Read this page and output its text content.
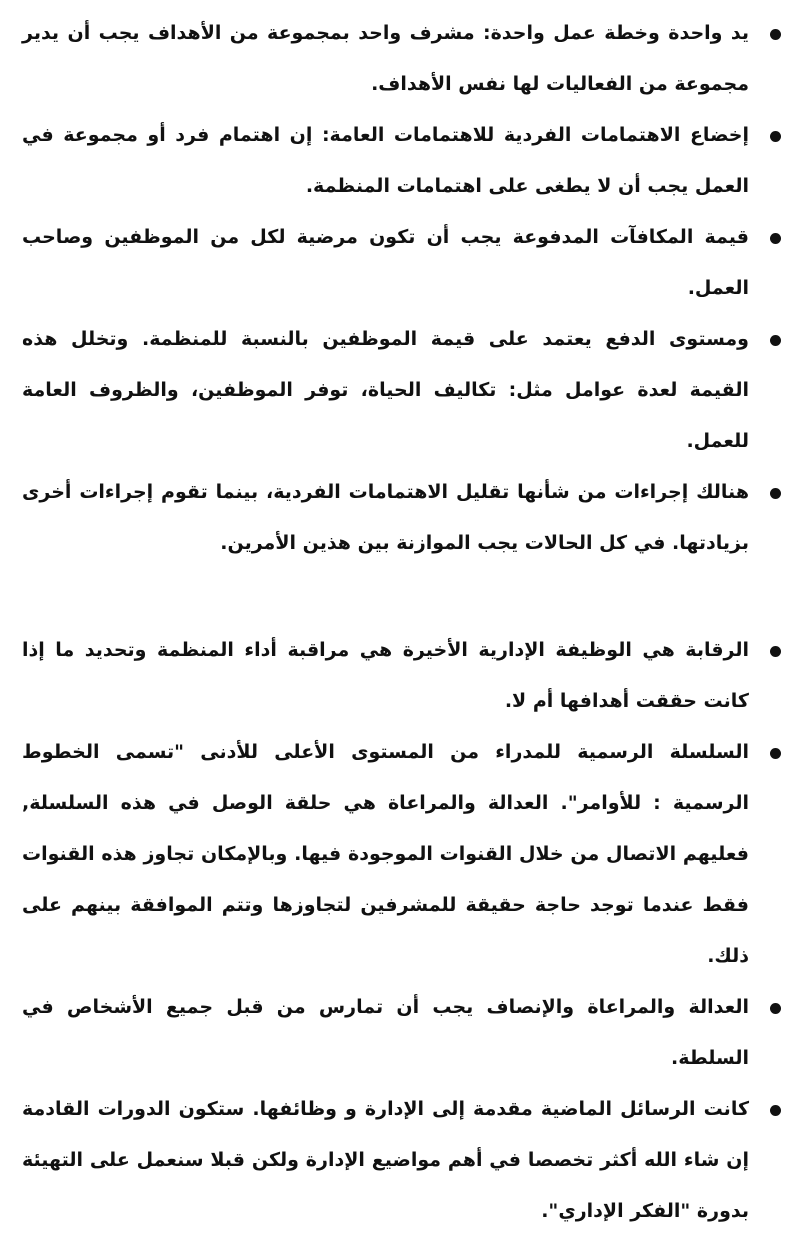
يد واحدة وخطة عمل واحدة: مشرف واحد بمجموعة من الأهداف يجب أن يدير مجموعة من الفعاليات لها نفس الأهداف.
إخضاع الاهتمامات الفردية للاهتمامات العامة: إن اهتمام فرد أو مجموعة في العمل يجب أن لا يطغى على اهتمامات المنظمة.
قيمة المكافآت المدفوعة يجب أن تكون مرضية لكل من الموظفين وصاحب العمل.
ومستوى الدفع يعتمد على قيمة الموظفين بالنسبة للمنظمة. وتخلل هذه القيمة لعدة عوامل مثل: تكاليف الحياة، توفر الموظفين، والظروف العامة للعمل.
هنالك إجراءات من شأنها تقليل الاهتمامات الفردية، بينما تقوم إجراءات أخرى بزيادتها. في كل الحالات يجب الموازنة بين هذين الأمرين.
الرقابة هي الوظيفة الإدارية الأخيرة هي مراقبة أداء المنظمة وتحديد ما إذا كانت حققت أهدافها أم لا.
السلسلة الرسمية للمدراء من المستوى الأعلى للأدنى "تسمى الخطوط الرسمية : للأوامر". العدالة والمراعاة هي حلقة الوصل في هذه السلسلة, فعليهم الاتصال من خلال القنوات الموجودة فيها. وبالإمكان تجاوز هذه القنوات فقط عندما توجد حاجة حقيقة للمشرفين لتجاوزها وتتم الموافقة بينهم على ذلك.
العدالة والمراعاة والإنصاف يجب أن تمارس من قبل جميع الأشخاص في السلطة.
كانت الرسائل الماضية مقدمة إلى الإدارة و وظائفها. ستكون الدورات القادمة إن شاء الله أكثر تخصصا في أهم مواضيع الإدارة ولكن قبلا سنعمل على التهيئة بدورة "الفكر الإداري".
